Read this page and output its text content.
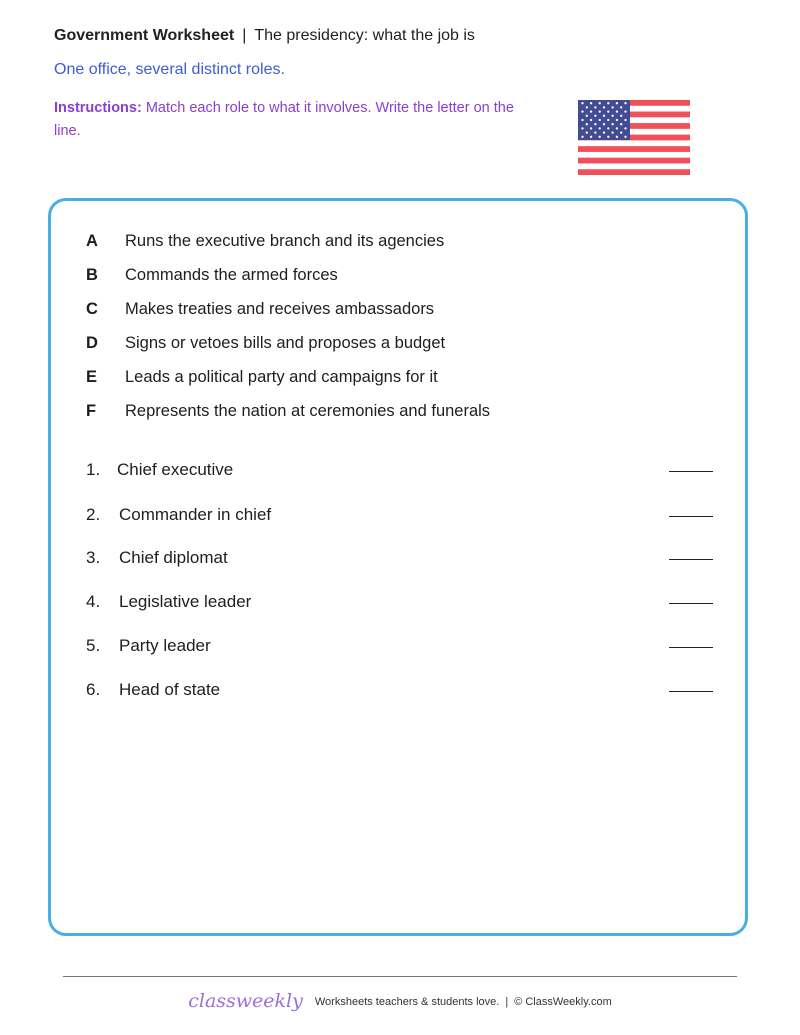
Government Worksheet | The presidency: what the job is
One office, several distinct roles.
Instructions: Match each role to what it involves. Write the letter on the line.
A	Runs the executive branch and its agencies
B	Commands the armed forces
C	Makes treaties and receives ambassadors
D	Signs or vetoes bills and proposes a budget
E	Leads a political party and campaigns for it
F	Represents the nation at ceremonies and funerals
1. Chief executive
2.	Commander in chief
3.	Chief diplomat
4.	Legislative leader
5.	Party leader
6.	Head of state
classweekly Worksheets teachers & students love. | © ClassWeekly.com
